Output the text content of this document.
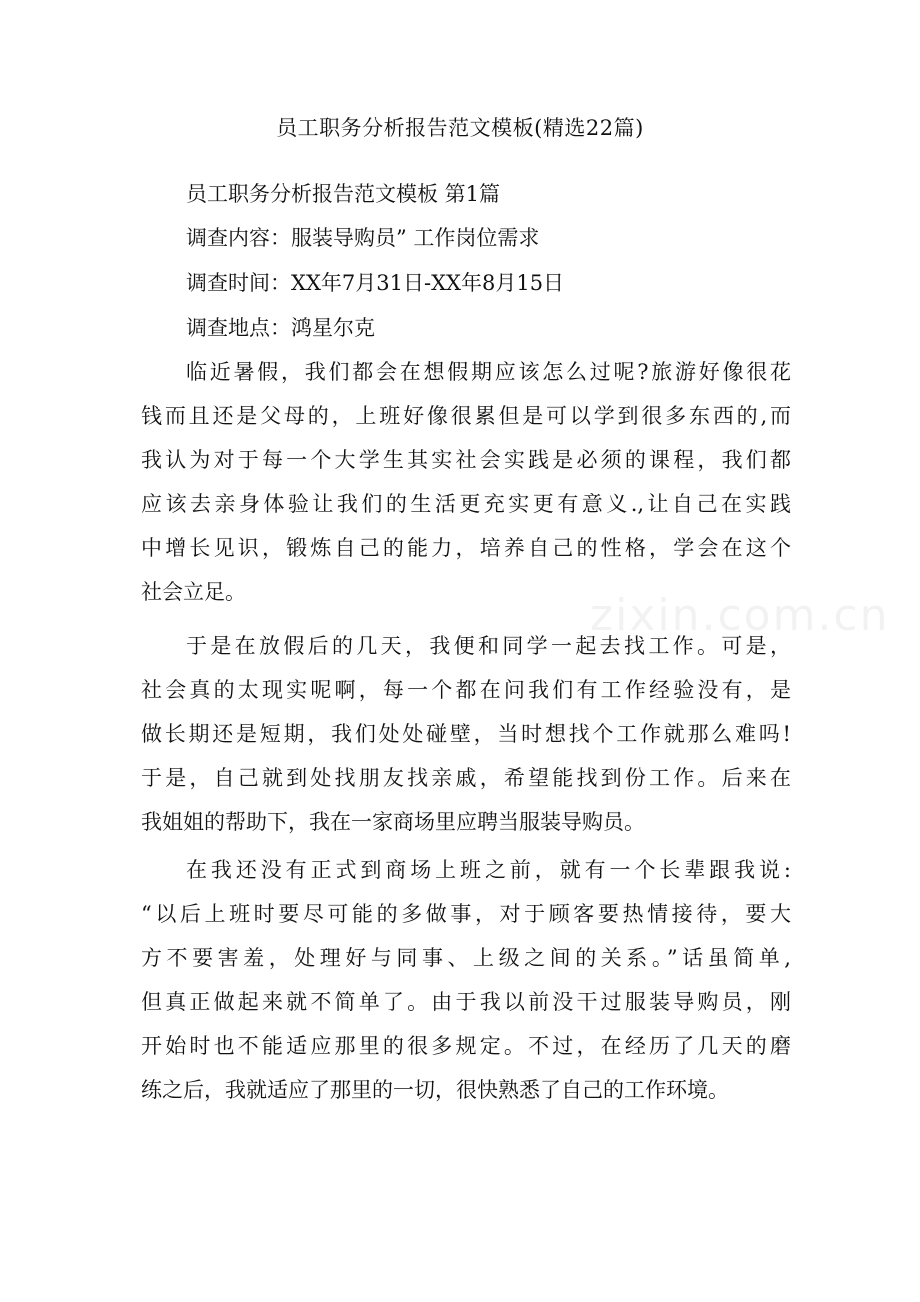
zixin.com.cn
员工职务分析报告范文模板(精选22篇)
员工职务分析报告范文模板 第1篇
调查内容：服装导购员” 工作岗位需求
调查时间：XX年7月31日-XX年8月15日
调查地点：鸿星尔克
临近暑假，我们都会在想假期应该怎么过呢?旅游好像很花
钱而且还是父母的，上班好像很累但是可以学到很多东西的,而
我认为对于每一个大学生其实社会实践是必须的课程，我们都
应该去亲身体验让我们的生活更充实更有意义.,让自己在实践
中增长见识，锻炼自己的能力，培养自己的性格，学会在这个
社会立足。
于是在放假后的几天，我便和同学一起去找工作。可是，
社会真的太现实呢啊，每一个都在问我们有工作经验没有，是
做长期还是短期，我们处处碰壁，当时想找个工作就那么难吗!
于是，自己就到处找朋友找亲戚，希望能找到份工作。后来在
我姐姐的帮助下，我在一家商场里应聘当服装导购员。
在我还没有正式到商场上班之前，就有一个长辈跟我说:
“以后上班时要尽可能的多做事，对于顾客要热情接待，要大
方不要害羞，处理好与同事、上级之间的关系。”话虽简单,
但真正做起来就不简单了。由于我以前没干过服装导购员，刚
开始时也不能适应那里的很多规定。不过，在经历了几天的磨
练之后，我就适应了那里的一切，很快熟悉了自己的工作环境。
